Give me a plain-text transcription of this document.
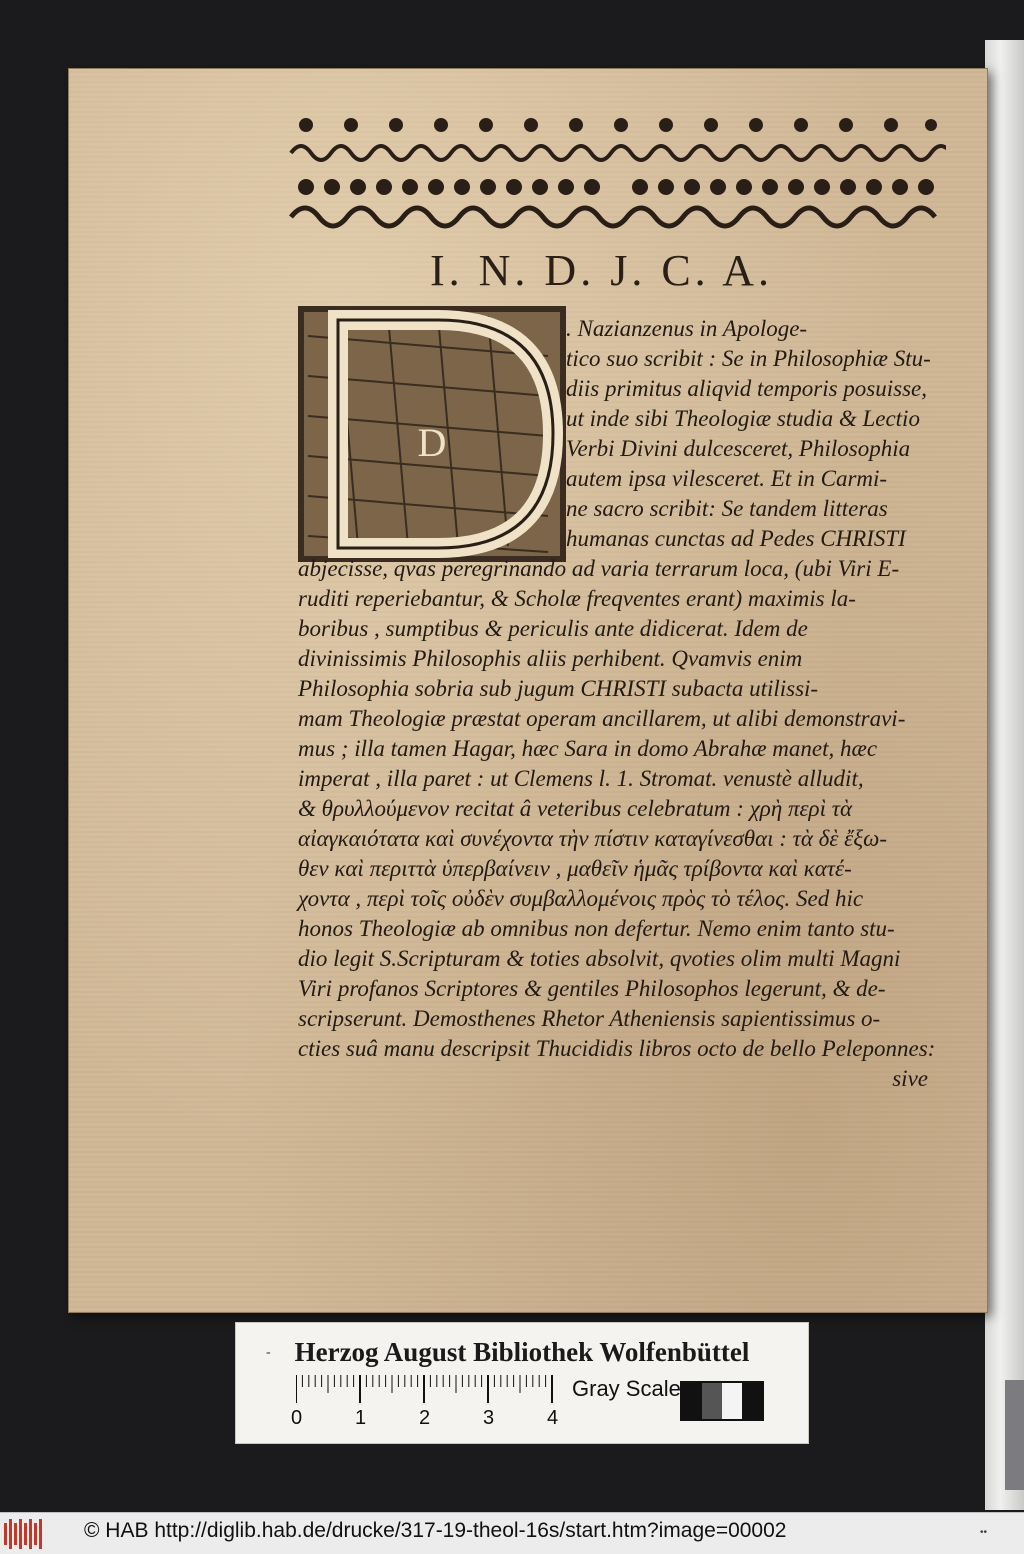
I. N. D. J. C. A.
D
. Nazianzenus in Apologe-
tico suo scribit : Se in Philosophiæ Stu-
diis primitus aliqvid temporis posuisse,
ut inde sibi Theologiæ studia & Lectio
Verbi Divini dulcesceret, Philosophia
autem ipsa vilesceret. Et in Carmi-
ne sacro scribit: Se tandem litteras
humanas cunctas ad Pedes CHRISTI
abjecisse, qvas peregrinando ad varia terrarum loca, (ubi Viri E-
ruditi reperiebantur, & Scholæ freqventes erant) maximis la-
boribus , sumptibus & periculis ante didicerat. Idem de
divinissimis Philosophis aliis perhibent. Qvamvis enim
Philosophia sobria sub jugum CHRISTI subacta utilissi-
mam Theologiæ præstat operam ancillarem, ut alibi demonstravi-
mus ; illa tamen Hagar, hæc Sara in domo Abrahæ manet, hæc
imperat , illa paret : ut Clemens l. 1. Stromat. venustè alludit,
& θρυλλούμενον recitat â veteribus celebratum : χρὴ περὶ τὰ
αἰαγκαιότατα καὶ συνέχοντα τὴν πίστιν καταγίνεσθαι : τὰ δὲ ἔξω-
θεν καὶ περιττὰ ὑπερβαίνειν , μαθεῖν ἡμᾶς τρίβοντα καὶ κατέ-
χοντα , περὶ τοῖς οὐδὲν συμβαλλομένοις πρὸς τὸ τέλος. Sed hic
honos Theologiæ ab omnibus non defertur. Nemo enim tanto stu-
dio legit S.Scripturam & toties absolvit, qvoties olim multi Magni
Viri profanos Scriptores & gentiles Philosophos legerunt, & de-
scripserunt. Demosthenes Rhetor Atheniensis sapientissimus o-
cties suâ manu descripsit Thucididis libros octo de bello Peleponnes:
sive
- Herzog August Bibliothek Wolfenbüttel
0	1	2	3	4
Gray Scale
© HAB http://diglib.hab.de/drucke/317-19-theol-16s/start.htm?image=00002	••
